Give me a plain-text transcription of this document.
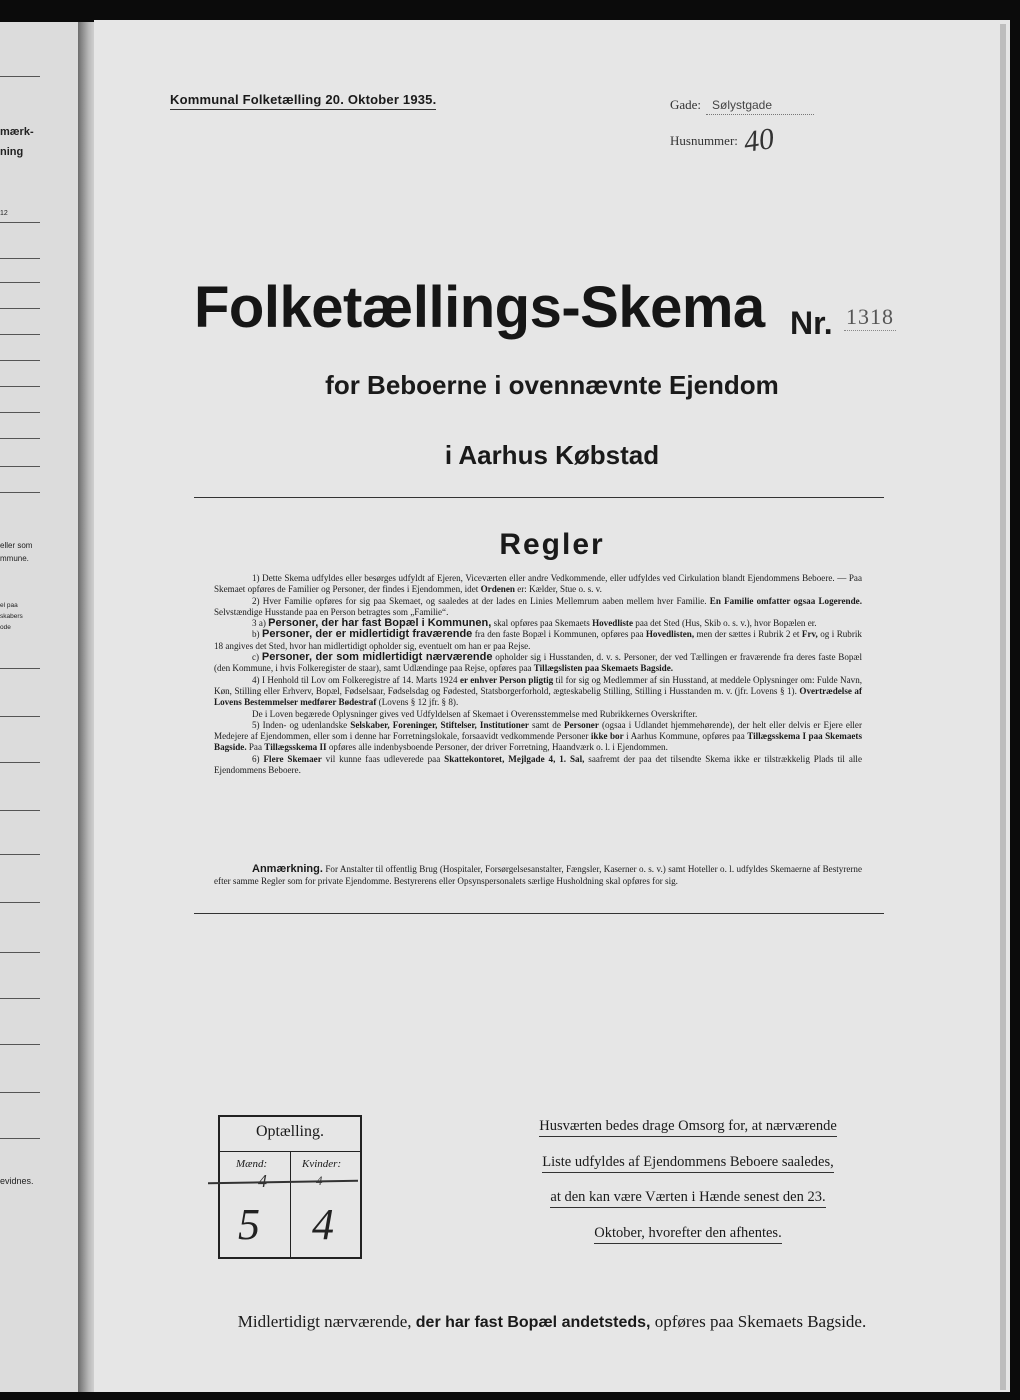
mærk-
ning
12
eller som
mmune.
el paa
skabers
ode
evidnes.
Kommunal Folketælling 20. Oktober 1935.	Gade: Sølystgade
Husnummer: 40
Folketællings-Skema Nr. 1318
for Beboerne i ovennævnte Ejendom
i Aarhus Købstad
Regler

1) Dette Skema udfyldes eller besørges udfyldt af Ejeren, Viceværten eller andre Vedkommende, eller udfyldes ved Cirkulation blandt Ejendommens Beboere. — Paa Skemaet opføres de Familier og Personer, der findes i Ejendommen, idet Ordenen er: Kælder, Stue o. s. v.

2) Hver Familie opføres for sig paa Skemaet, og saaledes at der lades en Linies Mellemrum aaben mellem hver Familie. En Familie omfatter ogsaa Logerende. Selvstændige Husstande paa en Person betragtes som „Familie“.

3 a) Personer, der har fast Bopæl i Kommunen, skal opføres paa Skemaets Hovedliste paa det Sted (Hus, Skib o. s. v.), hvor Bopælen er.

b) Personer, der er midlertidigt fraværende fra den faste Bopæl i Kommunen, opføres paa Hovedlisten, men der sættes i Rubrik 2 et Frv, og i Rubrik 18 angives det Sted, hvor han midlertidigt opholder sig, eventuelt om han er paa Rejse.

c) Personer, der som midlertidigt nærværende opholder sig i Husstanden, d. v. s. Personer, der ved Tællingen er fraværende fra deres faste Bopæl (den Kommune, i hvis Folkeregister de staar), samt Udlændinge paa Rejse, opføres paa Tillægslisten paa Skemaets Bagside.

4) I Henhold til Lov om Folkeregistre af 14. Marts 1924 er enhver Person pligtig til for sig og Medlemmer af sin Husstand, at meddele Oplysninger om: Fulde Navn, Køn, Stilling eller Erhverv, Bopæl, Fødselsaar, Fødselsdag og Fødested, Statsborgerforhold, ægteskabelig Stilling, Stilling i Husstanden m. v. (jfr. Lovens § 1). Overtrædelse af Lovens Bestemmelser medfører Bødestraf (Lovens § 12 jfr. § 8).

De i Loven begærede Oplysninger gives ved Udfyldelsen af Skemaet i Overensstemmelse med Rubrikkernes Overskrifter.

5) Inden- og udenlandske Selskaber, Foreninger, Stiftelser, Institutioner samt de Personer (ogsaa i Udlandet hjemmehørende), der helt eller delvis er Ejere eller Medejere af Ejendommen, eller som i denne har Forretningslokale, forsaavidt vedkommende Personer ikke bor i Aarhus Kommune, opføres paa Tillægsskema I paa Skemaets Bagside. Paa Tillægsskema II opføres alle indenbysboende Personer, der driver Forretning, Haandværk o. l. i Ejendommen.

6) Flere Skemaer vil kunne faas udleverede paa Skattekontoret, Mejlgade 4, 1. Sal, saafremt der paa det tilsendte Skema ikke er tilstrækkelig Plads til alle Ejendommens Beboere.

Anmærkning. For Anstalter til offentlig Brug (Hospitaler, Forsørgelsesanstalter, Fængsler, Kaserner o. s. v.) samt Hoteller o. l. udfyldes Skemaerne af Bestyrerne efter samme Regler som for private Ejendomme. Bestyrerens eller Opsynspersonalets særlige Husholdning skal opføres for sig.

Optælling.
Mænd:	Kvinder:
4	4
5 4
Husværten bedes drage Omsorg for, at nærværende
Liste udfyldes af Ejendommens Beboere saaledes,
at den kan være Værten i Hænde senest den 23.
Oktober, hvorefter den afhentes.
Midlertidigt nærværende, der har fast Bopæl andetsteds, opføres paa Skemaets Bagside.
